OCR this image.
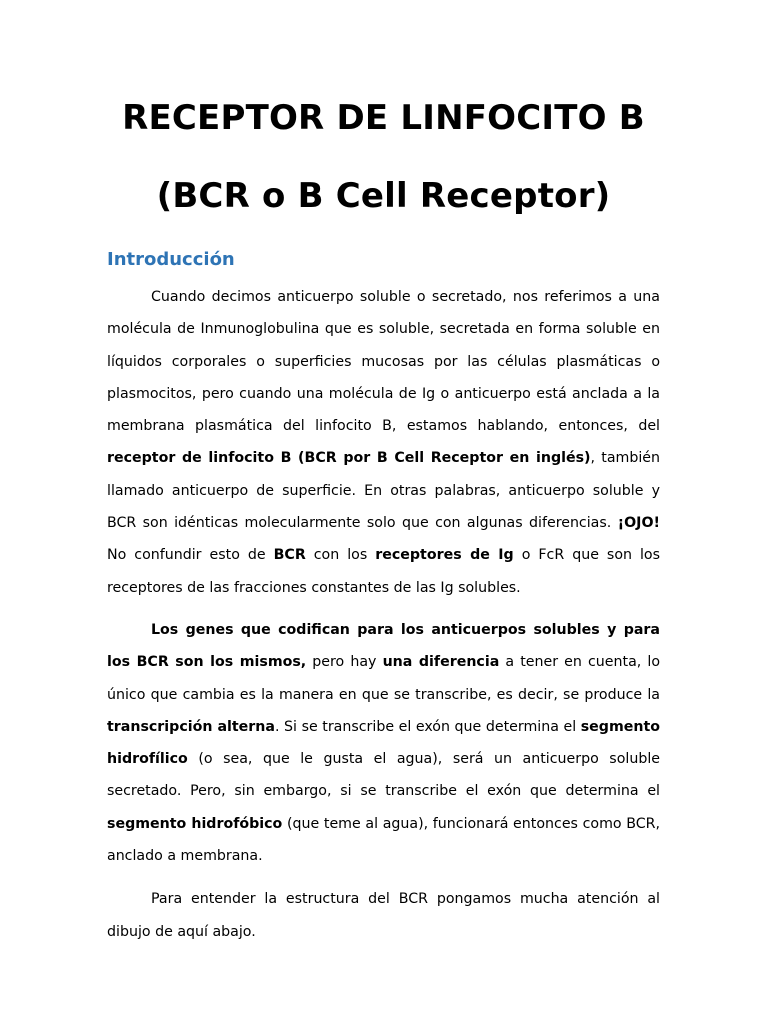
RECEPTOR DE LINFOCITO B
(BCR o B Cell Receptor)
Introducción

Cuando decimos anticuerpo soluble o secretado, nos referimos a una molécula de Inmunoglobulina que es soluble, secretada en forma soluble en líquidos corporales o superficies mucosas por las células plasmáticas o plasmocitos, pero cuando una molécula de Ig o anticuerpo está anclada a la membrana plasmática del linfocito B, estamos hablando, entonces, del receptor de linfocito B (BCR por B Cell Receptor en inglés), también llamado anticuerpo de superficie. En otras palabras, anticuerpo soluble y BCR son idénticas molecularmente solo que con algunas diferencias. ¡OJO! No confundir esto de BCR con los receptores de Ig o FcR que son los receptores de las fracciones constantes de las Ig solubles.

Los genes que codifican para los anticuerpos solubles y para los BCR son los mismos, pero hay una diferencia a tener en cuenta, lo único que cambia es la manera en que se transcribe, es decir, se produce la transcripción alterna. Si se transcribe el exón que determina el segmento hidrofílico (o sea, que le gusta el agua), será un anticuerpo soluble secretado. Pero, sin embargo, si se transcribe el exón que determina el segmento hidrofóbico (que teme al agua), funcionará entonces como BCR, anclado a membrana.

Para entender la estructura del BCR pongamos mucha atención al dibujo de aquí abajo.
